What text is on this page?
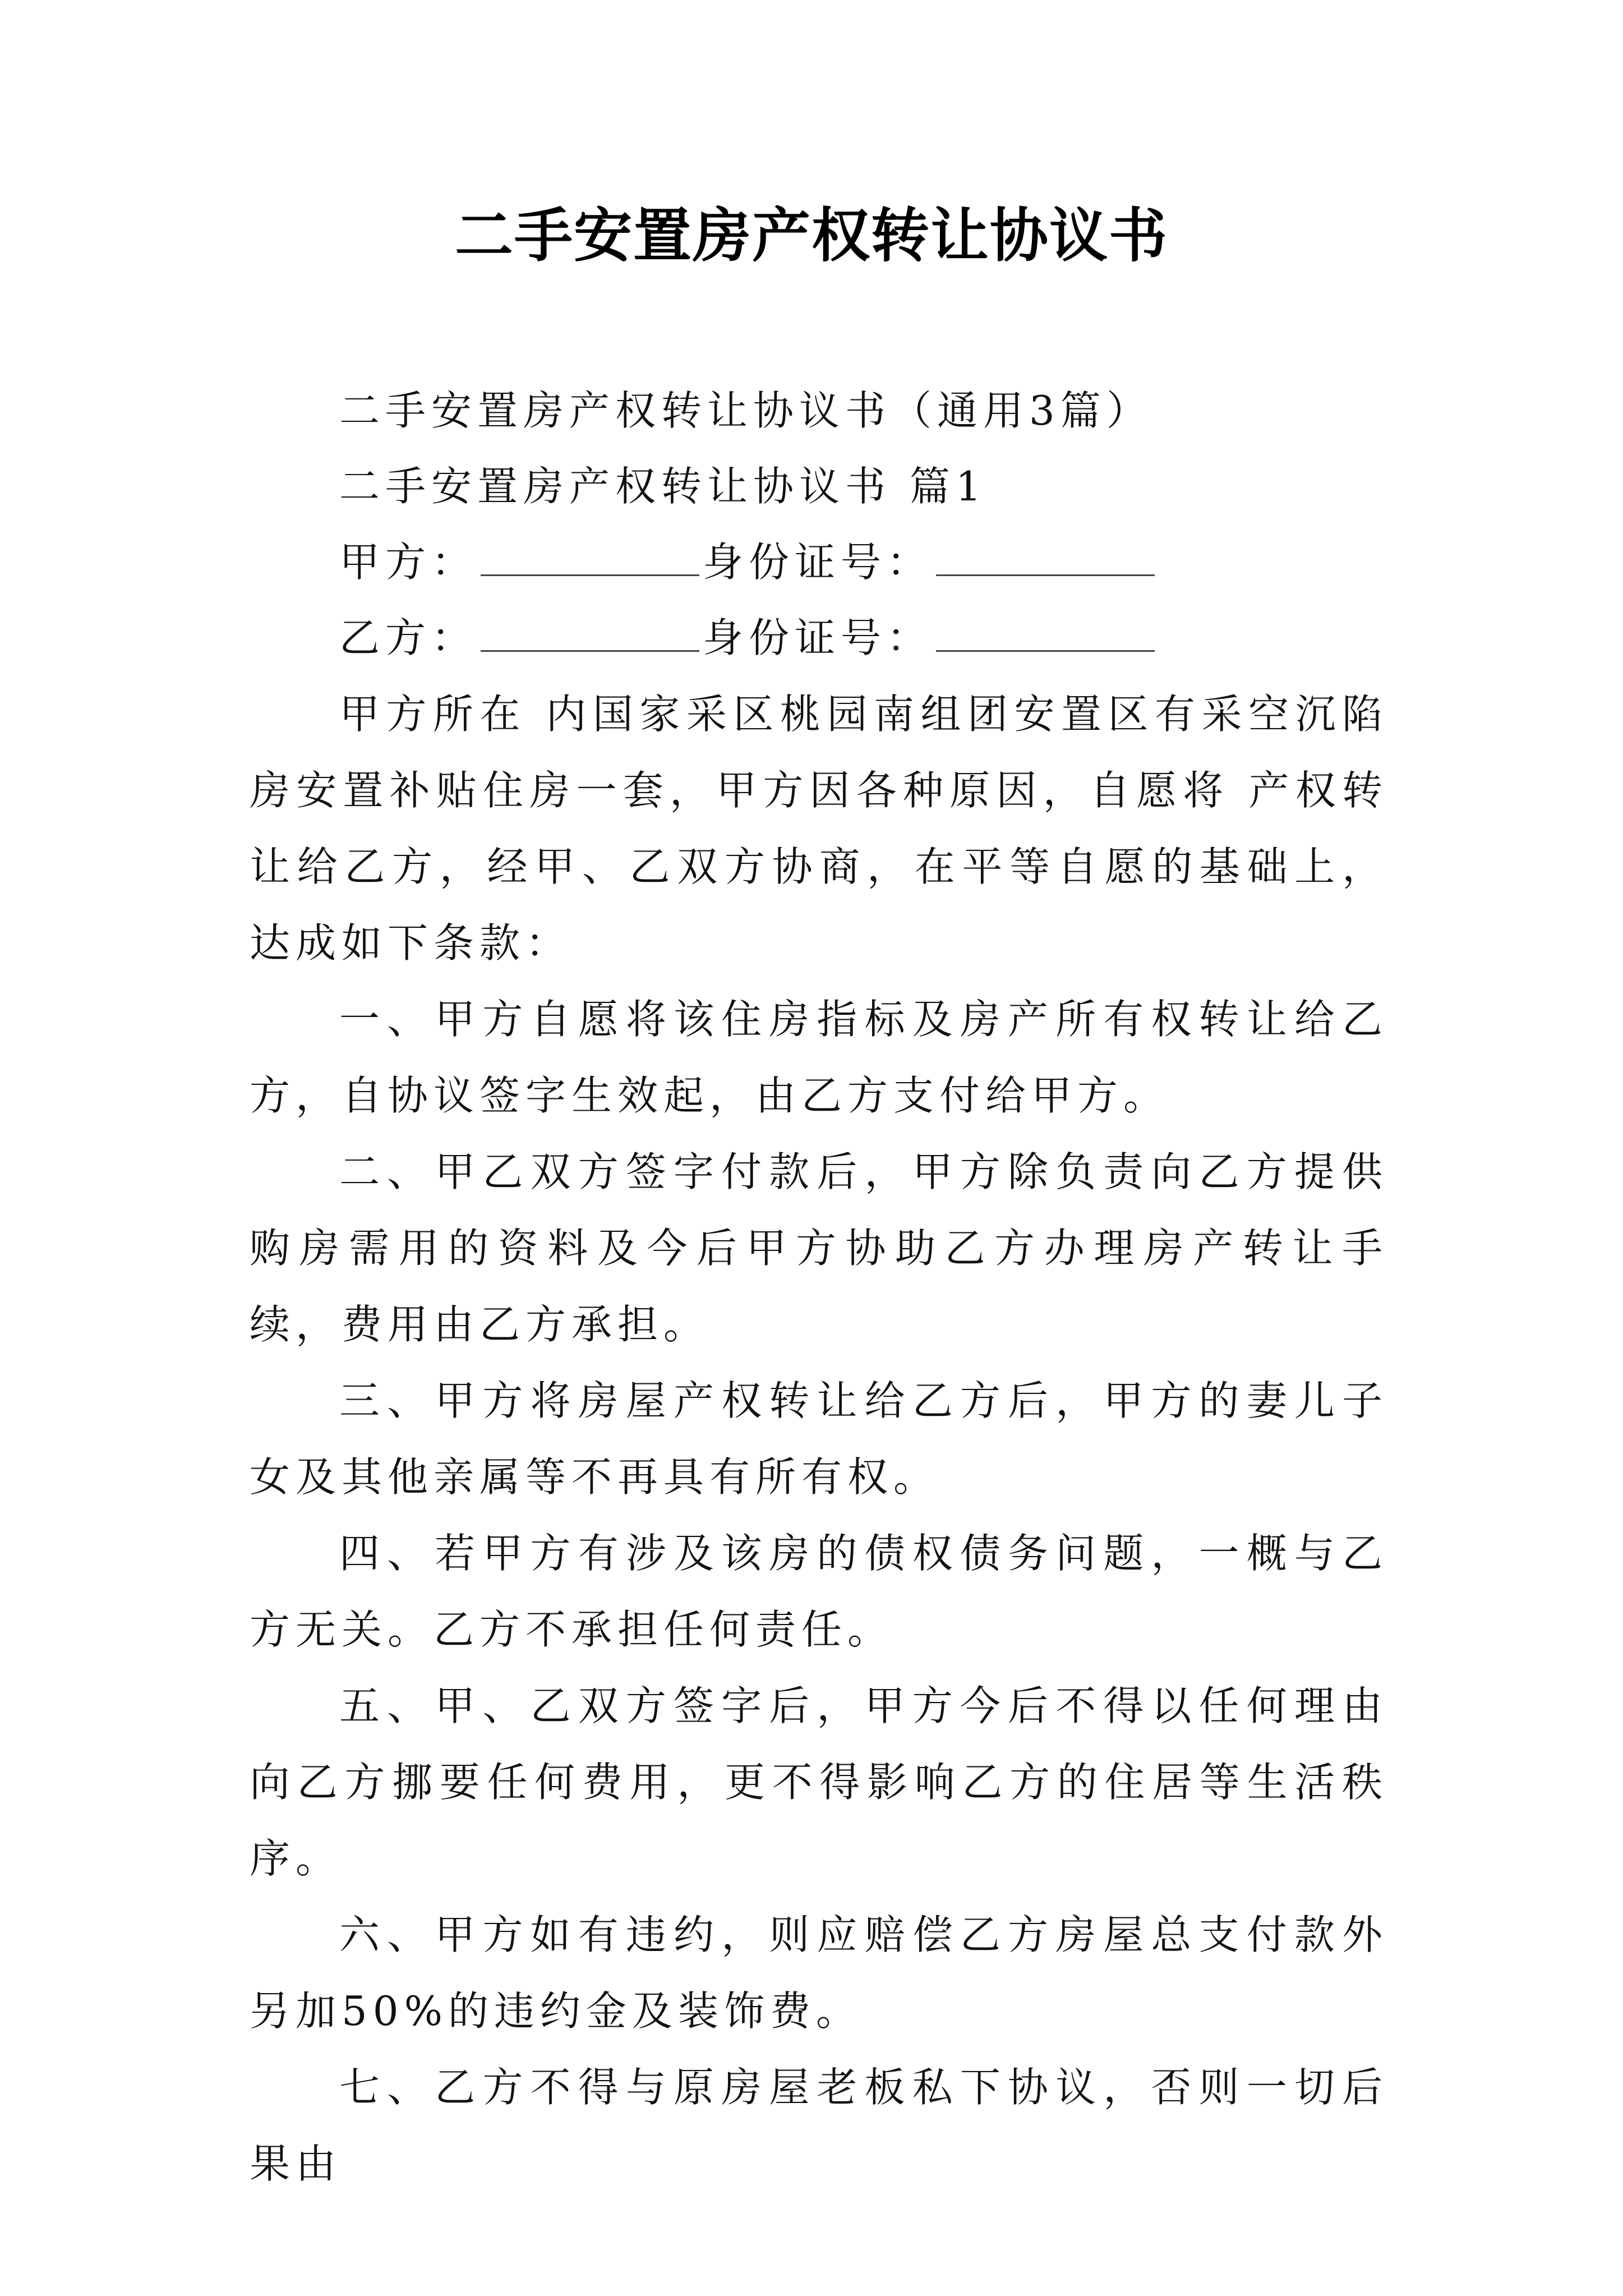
二手安置房产权转让协议书

二手安置房产权转让协议书（通用3篇）

二手安置房产权转让协议书 篇1

甲方：	身份证号：

乙方：	身份证号：

甲方所在 内国家采区桃园南组团安置区有采空沉陷房安置补贴住房一套，甲方因各种原因，自愿将 产权转让给乙方，经甲、乙双方协商，在平等自愿的基础上，达成如下条款：

一、甲方自愿将该住房指标及房产所有权转让给乙方，自协议签字生效起，由乙方支付给甲方。

二、甲乙双方签字付款后，甲方除负责向乙方提供购房需用的资料及今后甲方协助乙方办理房产转让手续，费用由乙方承担。

三、甲方将房屋产权转让给乙方后，甲方的妻儿子女及其他亲属等不再具有所有权。

四、若甲方有涉及该房的债权债务问题，一概与乙方无关。乙方不承担任何责任。

五、甲、乙双方签字后，甲方今后不得以任何理由向乙方挪要任何费用，更不得影响乙方的住居等生活秩序。

六、甲方如有违约，则应赔偿乙方房屋总支付款外另加50%的违约金及装饰费。

七、乙方不得与原房屋老板私下协议，否则一切后果由
